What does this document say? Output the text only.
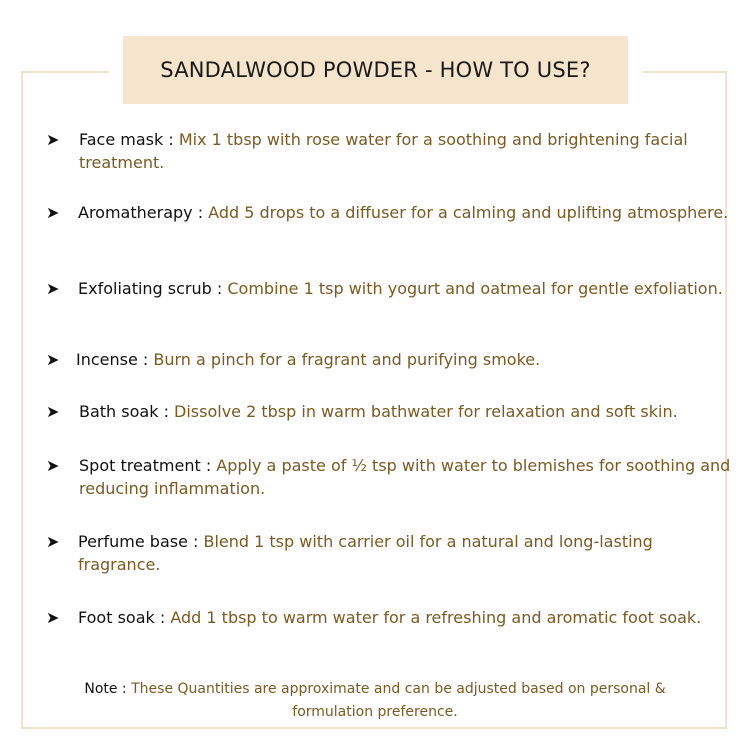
SANDALWOOD POWDER - HOW TO USE?
➤ Face mask : Mix 1 tbsp with rose water for a soothing and brightening facial treatment.
➤ Aromatherapy : Add 5 drops to a diffuser for a calming and uplifting atmosphere.
➤ Exfoliating scrub : Combine 1 tsp with yogurt and oatmeal for gentle exfoliation.
➤ Incense : Burn a pinch for a fragrant and purifying smoke.
➤ Bath soak : Dissolve 2 tbsp in warm bathwater for relaxation and soft skin.
➤ Spot treatment : Apply a paste of ½ tsp with water to blemishes for soothing and reducing inflammation.
➤ Perfume base : Blend 1 tsp with carrier oil for a natural and long-lasting fragrance.
➤ Foot soak : Add 1 tbsp to warm water for a refreshing and aromatic foot soak.
Note : These Quantities are approximate and can be adjusted based on personal & formulation preference.
